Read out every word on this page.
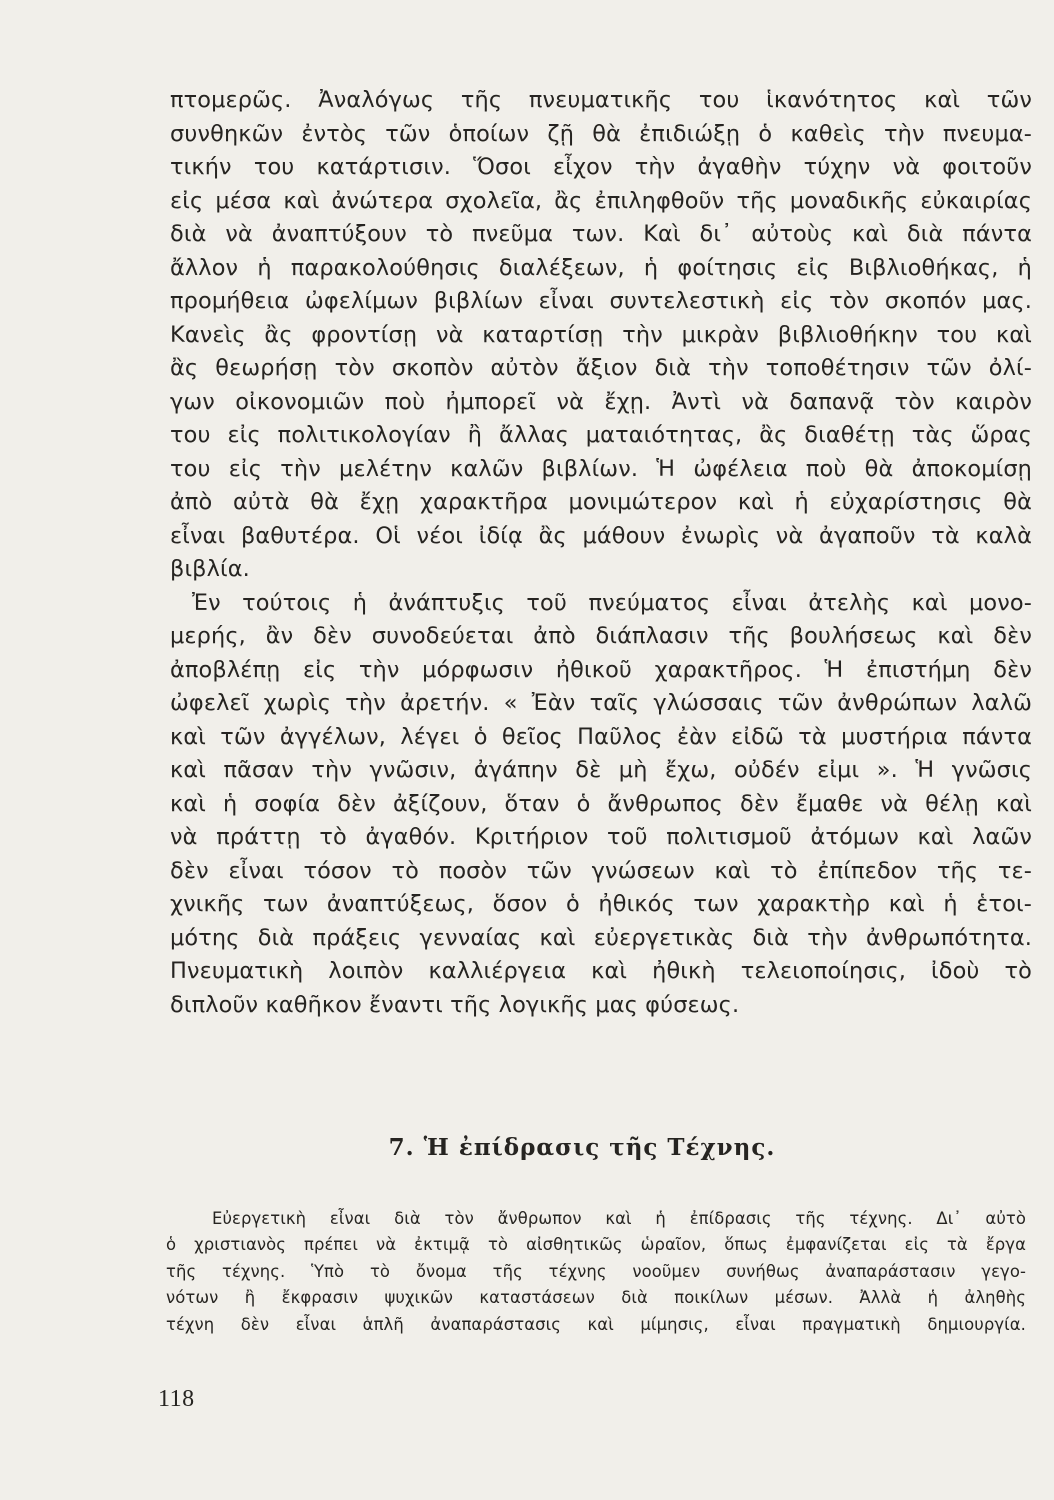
πτομερῶς. Ἀναλόγως τῆς πνευματικῆς του ἱκανότητος καὶ τῶν
συνθηκῶν ἐντὸς τῶν ὁποίων ζῇ θὰ ἐπιδιώξῃ ὁ καθεὶς τὴν πνευμα-
τικήν του κατάρτισιν. Ὅσοι εἶχον τὴν ἀγαθὴν τύχην νὰ φοιτοῦν
εἰς μέσα καὶ ἀνώτερα σχολεῖα, ἂς ἐπιληφθοῦν τῆς μοναδικῆς εὐκαιρίας
διὰ νὰ ἀναπτύξουν τὸ πνεῦμα των. Καὶ δι᾽ αὐτοὺς καὶ διὰ πάντα
ἄλλον ἡ παρακολούθησις διαλέξεων, ἡ φοίτησις εἰς Βιβλιοθήκας, ἡ
προμήθεια ὠφελίμων βιβλίων εἶναι συντελεστικὴ εἰς τὸν σκοπόν μας.
Κανεὶς ἂς φροντίσῃ νὰ καταρτίσῃ τὴν μικρὰν βιβλιοθήκην του καὶ
ἂς θεωρήσῃ τὸν σκοπὸν αὐτὸν ἄξιον διὰ τὴν τοποθέτησιν τῶν ὀλί-
γων οἰκονομιῶν ποὺ ἠμπορεῖ νὰ ἔχῃ. Ἀντὶ νὰ δαπανᾷ τὸν καιρὸν
του εἰς πολιτικολογίαν ἢ ἄλλας ματαιότητας, ἂς διαθέτῃ τὰς ὥρας
του εἰς τὴν μελέτην καλῶν βιβλίων. Ἡ ὠφέλεια ποὺ θὰ ἀποκομίσῃ
ἀπὸ αὐτὰ θὰ ἔχῃ χαρακτῆρα μονιμώτερον καὶ ἡ εὐχαρίστησις θὰ
εἶναι βαθυτέρα. Οἱ νέοι ἰδίᾳ ἂς μάθουν ἐνωρὶς νὰ ἀγαποῦν τὰ καλὰ
βιβλία.
Ἐν τούτοις ἡ ἀνάπτυξις τοῦ πνεύματος εἶναι ἀτελὴς καὶ μονο-
μερής, ἂν δὲν συνοδεύεται ἀπὸ διάπλασιν τῆς βουλήσεως καὶ δὲν
ἀποβλέπῃ εἰς τὴν μόρφωσιν ἠθικοῦ χαρακτῆρος. Ἡ ἐπιστήμη δὲν
ὠφελεῖ χωρὶς τὴν ἀρετήν. « Ἐὰν ταῖς γλώσσαις τῶν ἀνθρώπων λαλῶ
καὶ τῶν ἀγγέλων, λέγει ὁ θεῖος Παῦλος ἐὰν εἰδῶ τὰ μυστήρια πάντα
καὶ πᾶσαν τὴν γνῶσιν, ἀγάπην δὲ μὴ ἔχω, οὐδέν εἰμι ». Ἡ γνῶσις
καὶ ἡ σοφία δὲν ἀξίζουν, ὅταν ὁ ἄνθρωπος δὲν ἔμαθε νὰ θέλῃ καὶ
νὰ πράττῃ τὸ ἀγαθόν. Κριτήριον τοῦ πολιτισμοῦ ἀτόμων καὶ λαῶν
δὲν εἶναι τόσον τὸ ποσὸν τῶν γνώσεων καὶ τὸ ἐπίπεδον τῆς τε-
χνικῆς των ἀναπτύξεως, ὅσον ὁ ἠθικός των χαρακτὴρ καὶ ἡ ἑτοι-
μότης διὰ πράξεις γενναίας καὶ εὐεργετικὰς διὰ τὴν ἀνθρωπότητα.
Πνευματικὴ λοιπὸν καλλιέργεια καὶ ἠθικὴ τελειοποίησις, ἰδοὺ τὸ
διπλοῦν καθῆκον ἔναντι τῆς λογικῆς μας φύσεως.
7. Ἡ ἐπίδρασις τῆς Τέχνης.
Εὐεργετικὴ εἶναι διὰ τὸν ἄνθρωπον καὶ ἡ ἐπίδρασις τῆς τέχνης. Δι᾽ αὐτὸ
ὁ χριστιανὸς πρέπει νὰ ἐκτιμᾷ τὸ αἰσθητικῶς ὡραῖον, ὅπως ἐμφανίζεται εἰς τὰ ἔργα
τῆς τέχνης. Ὑπὸ τὸ ὄνομα τῆς τέχνης νοοῦμεν συνήθως ἀναπαράστασιν γεγο-
νότων ἢ ἔκφρασιν ψυχικῶν καταστάσεων διὰ ποικίλων μέσων. Ἀλλὰ ἡ ἀληθὴς
τέχνη δὲν εἶναι ἁπλῆ ἀναπαράστασις καὶ μίμησις, εἶναι πραγματικὴ δημιουργία.
118
